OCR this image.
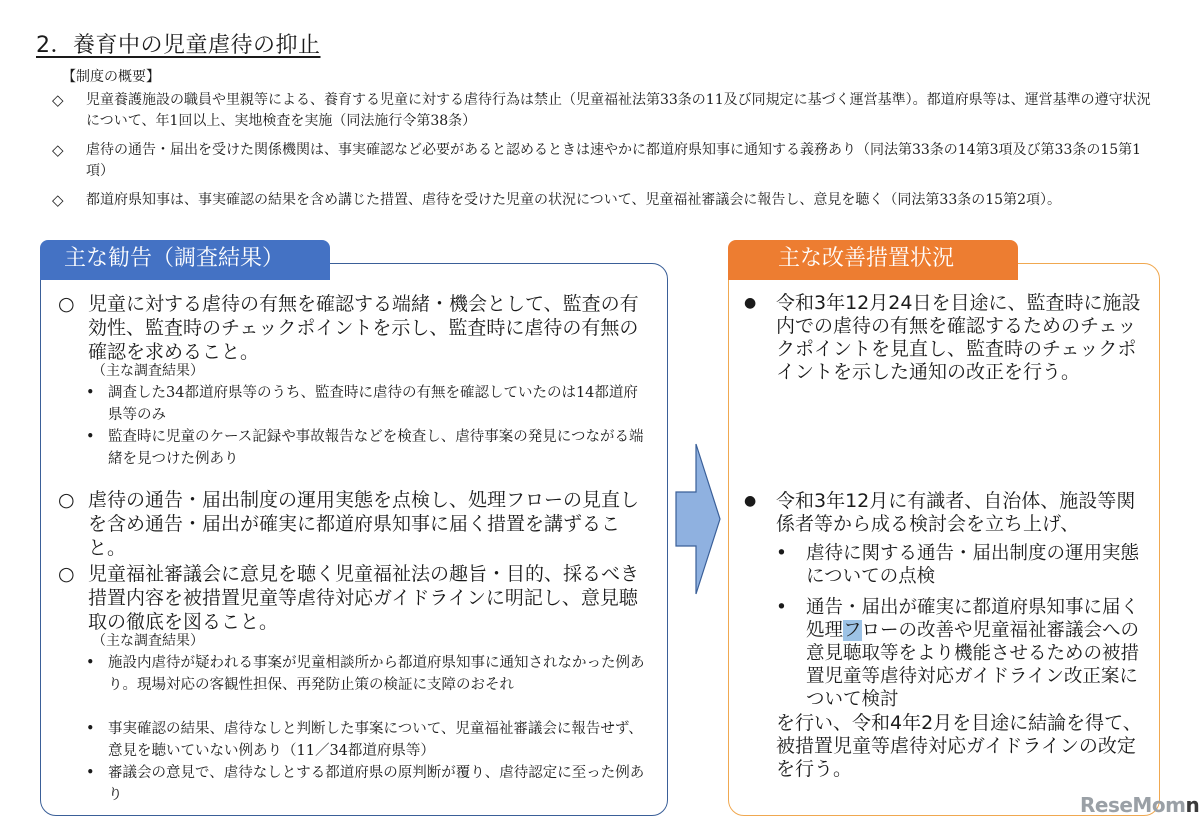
2．養育中の児童虐待の抑止
【制度の概要】
◇ 児童養護施設の職員や里親等による、養育する児童に対する虐待行為は禁止（児童福祉法第33条の11及び同規定に基づく運営基準）。都道府県等は、運営基準の遵守状況について、年1回以上、実地検査を実施（同法施行令第38条）
◇ 虐待の通告・届出を受けた関係機関は、事実確認など必要があると認めるときは速やかに都道府県知事に通知する義務あり（同法第33条の14第3項及び第33条の15第1項）
◇ 都道府県知事は、事実確認の結果を含め講じた措置、虐待を受けた児童の状況について、児童福祉審議会に報告し、意見を聴く（同法第33条の15第2項）。
主な勧告（調査結果）
○ 児童に対する虐待の有無を確認する端緒・機会として、監査の有効性、監査時のチェックポイントを示し、監査時に虐待の有無の確認を求めること。
（主な調査結果）
• 調査した34都道府県等のうち、監査時に虐待の有無を確認していたのは14都道府県等のみ
• 監査時に児童のケース記録や事故報告などを検査し、虐待事案の発見につながる端緒を見つけた例あり
○ 虐待の通告・届出制度の運用実態を点検し、処理フローの見直しを含め通告・届出が確実に都道府県知事に届く措置を講ずること。
○ 児童福祉審議会に意見を聴く児童福祉法の趣旨・目的、採るべき措置内容を被措置児童等虐待対応ガイドラインに明記し、意見聴取の徹底を図ること。
（主な調査結果）
• 施設内虐待が疑われる事案が児童相談所から都道府県知事に通知されなかった例あり。現場対応の客観性担保、再発防止策の検証に支障のおそれ
• 事実確認の結果、虐待なしと判断した事案について、児童福祉審議会に報告せず、意見を聴いていない例あり（11／34都道府県等）
• 審議会の意見で、虐待なしとする都道府県の原判断が覆り、虐待認定に至った例あり
主な改善措置状況
● 令和3年12月24日を目途に、監査時に施設内での虐待の有無を確認するためのチェックポイントを見直し、監査時のチェックポイントを示した通知の改正を行う。
● 令和3年12月に有識者、自治体、施設等関係者等から成る検討会を立ち上げ、
• 虐待に関する通告・届出制度の運用実態についての点検
• 通告・届出が確実に都道府県知事に届く処理フローの改善や児童福祉審議会への意見聴取等をより機能させるための被措置児童等虐待対応ガイドライン改正案について検討
を行い、令和4年2月を目途に結論を得て、被措置児童等虐待対応ガイドラインの改定を行う。
ReseMomn
